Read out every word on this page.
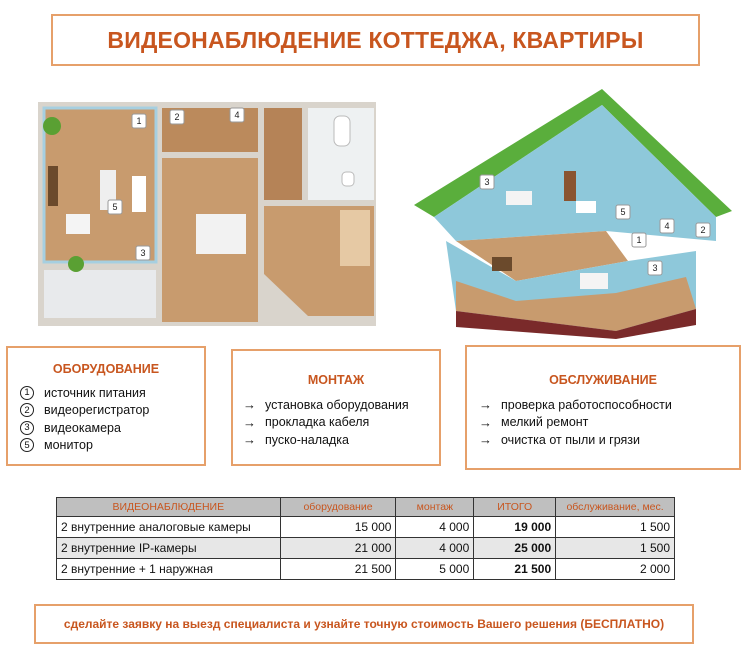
ВИДЕОНАБЛЮДЕНИЕ КОТТЕДЖА, КВАРТИРЫ
1	2	4
5
3
3
5
1
4	2
3
ОБОРУДОВАНИЕ
1	источник питания
2	видеорегистратор
3	видеокамера
5	монитор
МОНТАЖ
→ установка оборудования
→ прокладка кабеля
→ пуско-наладка
ОБСЛУЖИВАНИЕ
→ проверка работоспособности
→ мелкий ремонт
→ очистка от пыли и грязи
ВИДЕОНАБЛЮДЕНИЕ	оборудование	монтаж	ИТОГО	обслуживание, мес.
2 внутренние аналоговые камеры	15 000	4 000	19 000	1 500
2 внутренние IP-камеры	21 000	4 000	25 000	1 500
2 внутренние + 1 наружная	21 500	5 000	21 500	2 000
сделайте заявку на выезд специалиста и узнайте точную стоимость Вашего решения (БЕСПЛАТНО)
